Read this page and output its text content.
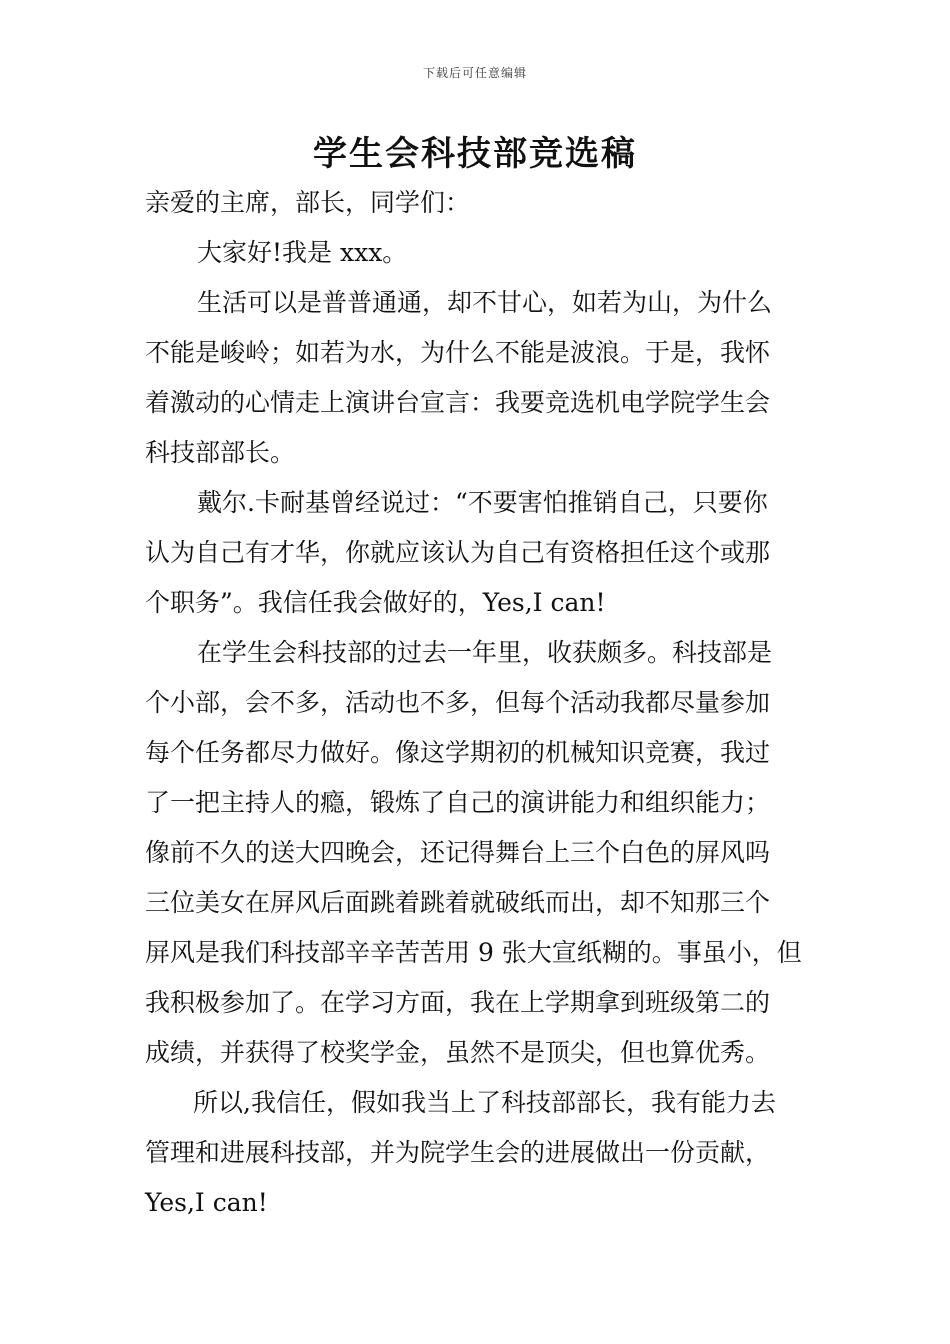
下载后可任意编辑
学生会科技部竞选稿
亲爱的主席，部长，同学们：
大家好!我是 xxx。
生活可以是普普通通，却不甘心，如若为山，为什么
不能是峻岭；如若为水，为什么不能是波浪。于是，我怀
着激动的心情走上演讲台宣言：我要竞选机电学院学生会
科技部部长。
戴尔.卡耐基曾经说过：“不要害怕推销自己，只要你
认为自己有才华，你就应该认为自己有资格担任这个或那
个职务”。我信任我会做好的，Yes,I can!
在学生会科技部的过去一年里，收获颇多。科技部是
个小部，会不多，活动也不多，但每个活动我都尽量参加
每个任务都尽力做好。像这学期初的机械知识竞赛，我过
了一把主持人的瘾，锻炼了自己的演讲能力和组织能力；
像前不久的送大四晚会，还记得舞台上三个白色的屏风吗
三位美女在屏风后面跳着跳着就破纸而出，却不知那三个
屏风是我们科技部辛辛苦苦用 9 张大宣纸糊的。事虽小，但
我积极参加了。在学习方面，我在上学期拿到班级第二的
成绩，并获得了校奖学金，虽然不是顶尖，但也算优秀。
所以,我信任，假如我当上了科技部部长，我有能力去
管理和进展科技部，并为院学生会的进展做出一份贡献，
Yes,I can!
